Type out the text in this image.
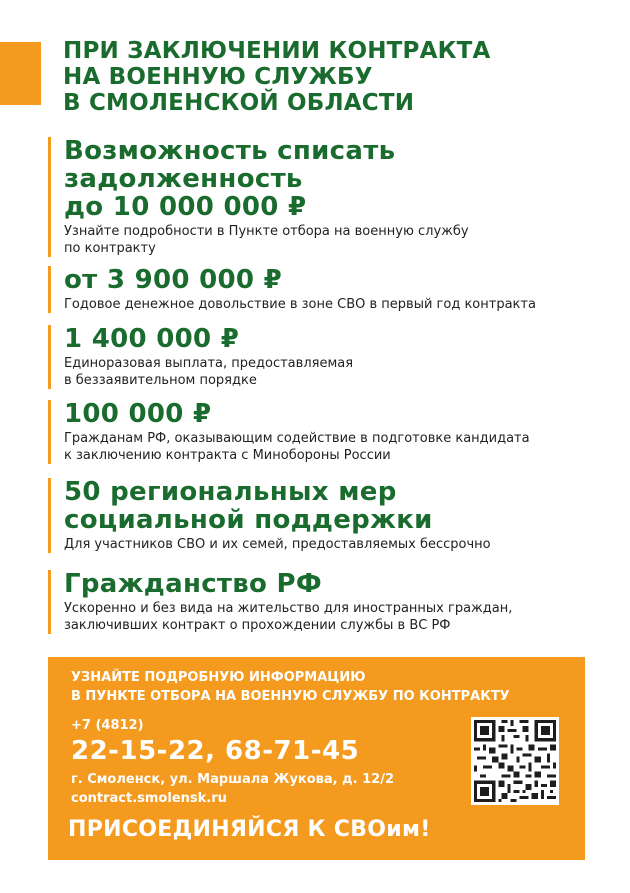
ПРИ ЗАКЛЮЧЕНИИ КОНТРАКТА
НА ВОЕННУЮ СЛУЖБУ
В СМОЛЕНСКОЙ ОБЛАСТИ
Возможность списать
задолженность
до 10 000 000 ₽
Узнайте подробности в Пункте отбора на военную службу
по контракту
от 3 900 000 ₽
Годовое денежное довольствие в зоне СВО в первый год контракта
1 400 000 ₽
Единоразовая выплата, предоставляемая
в беззаявительном порядке
100 000 ₽
Гражданам РФ, оказывающим содействие в подготовке кандидата
к заключению контракта с Минобороны России
50 региональных мер
социальной поддержки
Для участников СВО и их семей, предоставляемых бессрочно
Гражданство РФ
Ускоренно и без вида на жительство для иностранных граждан,
заключивших контракт о прохождении службы в ВС РФ
УЗНАЙТЕ ПОДРОБНУЮ ИНФОРМАЦИЮ
В ПУНКТЕ ОТБОРА НА ВОЕННУЮ СЛУЖБУ ПО КОНТРАКТУ
+7 (4812)
22-15-22, 68-71-45
г. Смоленск, ул. Маршала Жукова, д. 12/2
contract.smolensk.ru
ПРИСОЕДИНЯЙСЯ К СВОим!
